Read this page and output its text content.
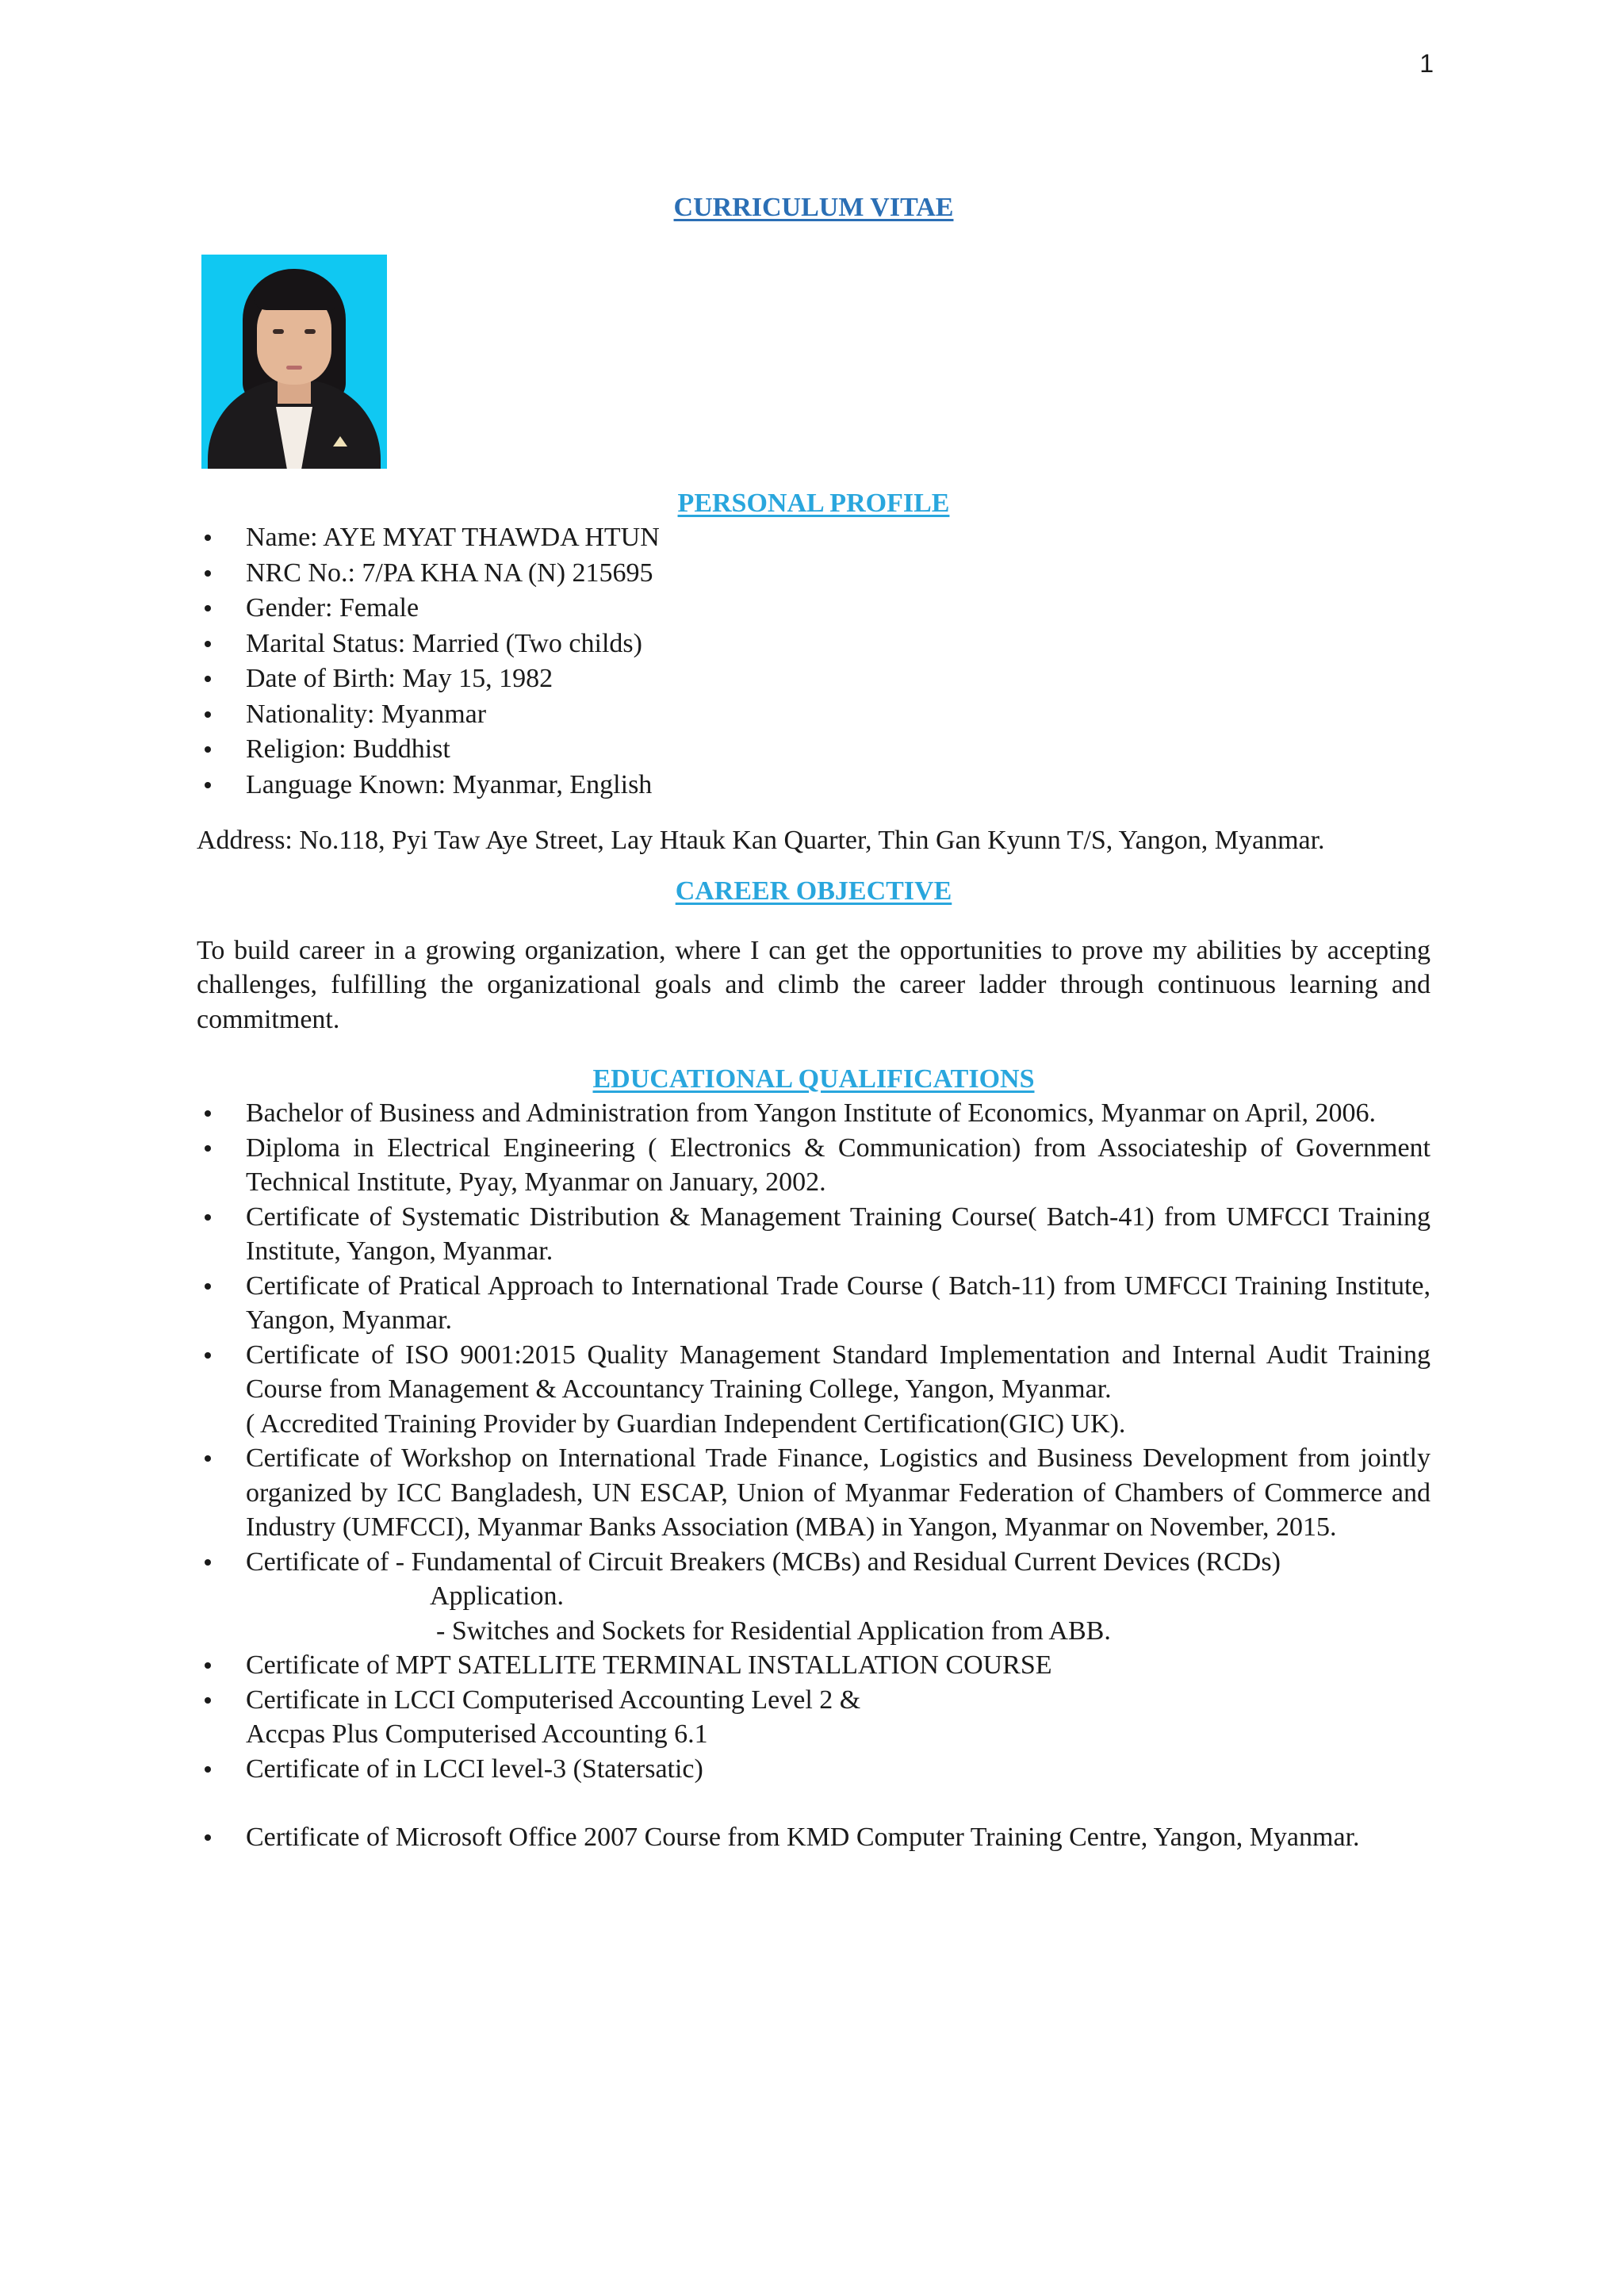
1
CURRICULUM VITAE
PERSONAL PROFILE
Name: AYE MYAT THAWDA HTUN
NRC No.: 7/PA KHA NA (N) 215695
Gender: Female
Marital Status: Married (Two childs)
Date of Birth: May 15, 1982
Nationality: Myanmar
Religion: Buddhist
Language Known: Myanmar, English

Address: No.118, Pyi Taw Aye Street, Lay Htauk Kan Quarter, Thin Gan Kyunn T/S, Yangon, Myanmar.

CAREER OBJECTIVE

To build career in a growing organization, where I can get the opportunities to prove my abilities by accepting challenges, fulfilling the organizational goals and climb the career ladder through continuous learning and commitment.

EDUCATIONAL QUALIFICATIONS
Bachelor of Business and Administration from Yangon Institute of Economics, Myanmar on April, 2006.
Diploma in Electrical Engineering ( Electronics & Communication) from Associateship of Government Technical Institute, Pyay, Myanmar on January, 2002.
Certificate of Systematic Distribution & Management Training Course( Batch-41) from UMFCCI Training Institute, Yangon, Myanmar.
Certificate of Pratical Approach to International Trade Course ( Batch-11) from UMFCCI Training Institute, Yangon, Myanmar.
Certificate of ISO 9001:2015 Quality Management Standard Implementation and Internal Audit Training Course from Management & Accountancy Training College, Yangon, Myanmar.
( Accredited Training Provider by Guardian Independent Certification(GIC) UK).
Certificate of Workshop on International Trade Finance, Logistics and Business Development from jointly organized by ICC Bangladesh, UN ESCAP, Union of Myanmar Federation of Chambers of Commerce and Industry (UMFCCI), Myanmar Banks Association (MBA) in Yangon, Myanmar on November, 2015.
Certificate of - Fundamental of Circuit Breakers (MCBs) and Residual Current Devices (RCDs)
Application.
- Switches and Sockets for Residential Application from ABB.
Certificate of MPT SATELLITE TERMINAL INSTALLATION COURSE
Certificate in LCCI Computerised Accounting Level 2 &
Accpas Plus Computerised Accounting 6.1
Certificate of in LCCI level-3 (Statersatic)
Certificate of Microsoft Office 2007 Course from KMD Computer Training Centre, Yangon, Myanmar.
